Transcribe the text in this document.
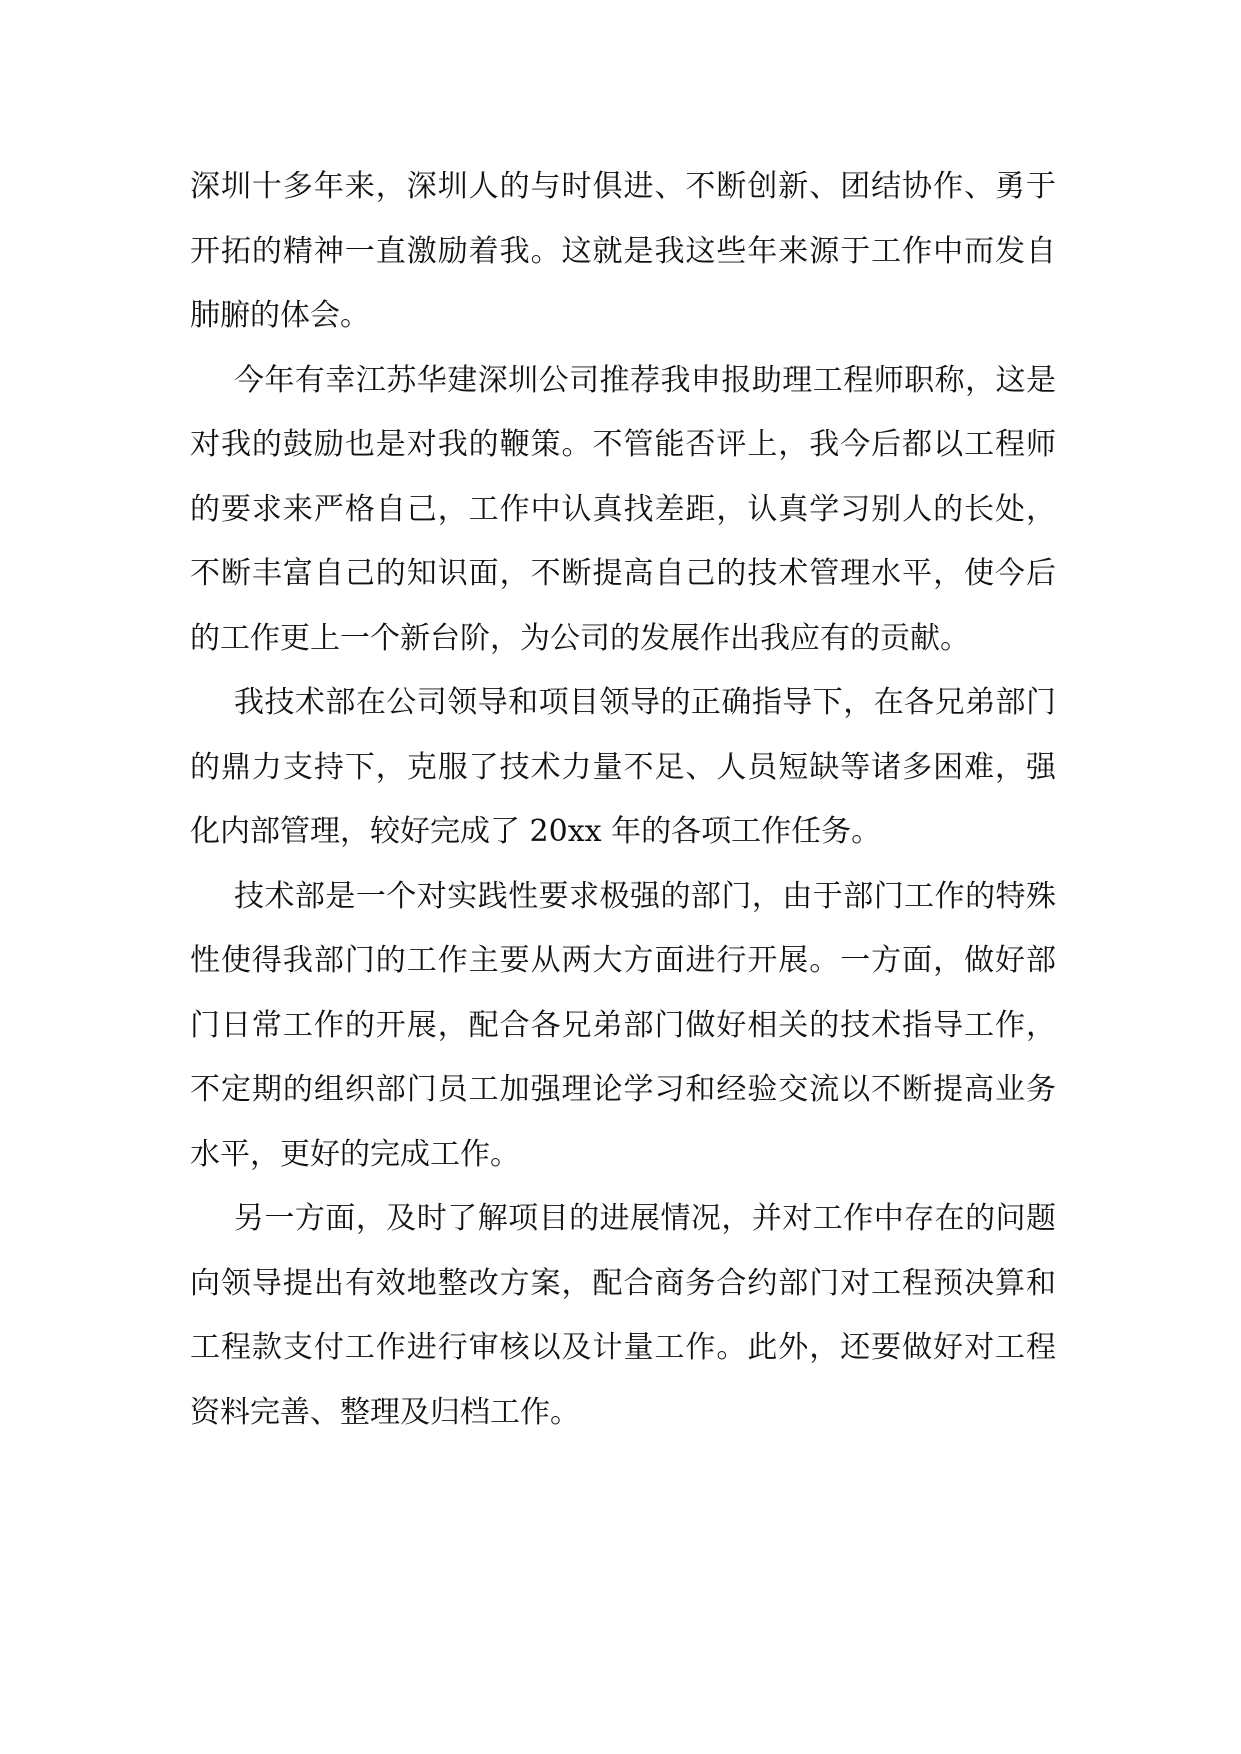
深圳十多年来，深圳人的与时俱进、不断创新、团结协作、勇于开拓的精神一直激励着我。这就是我这些年来源于工作中而发自肺腑的体会。

今年有幸江苏华建深圳公司推荐我申报助理工程师职称，这是对我的鼓励也是对我的鞭策。不管能否评上，我今后都以工程师的要求来严格自己，工作中认真找差距，认真学习别人的长处，不断丰富自己的知识面，不断提高自己的技术管理水平，使今后的工作更上一个新台阶，为公司的发展作出我应有的贡献。

我技术部在公司领导和项目领导的正确指导下，在各兄弟部门的鼎力支持下，克服了技术力量不足、人员短缺等诸多困难，强化内部管理，较好完成了 20xx 年的各项工作任务。

技术部是一个对实践性要求极强的部门，由于部门工作的特殊性使得我部门的工作主要从两大方面进行开展。一方面，做好部门日常工作的开展，配合各兄弟部门做好相关的技术指导工作，不定期的组织部门员工加强理论学习和经验交流以不断提高业务水平，更好的完成工作。

另一方面，及时了解项目的进展情况，并对工作中存在的问题向领导提出有效地整改方案，配合商务合约部门对工程预决算和工程款支付工作进行审核以及计量工作。此外，还要做好对工程资料完善、整理及归档工作。
